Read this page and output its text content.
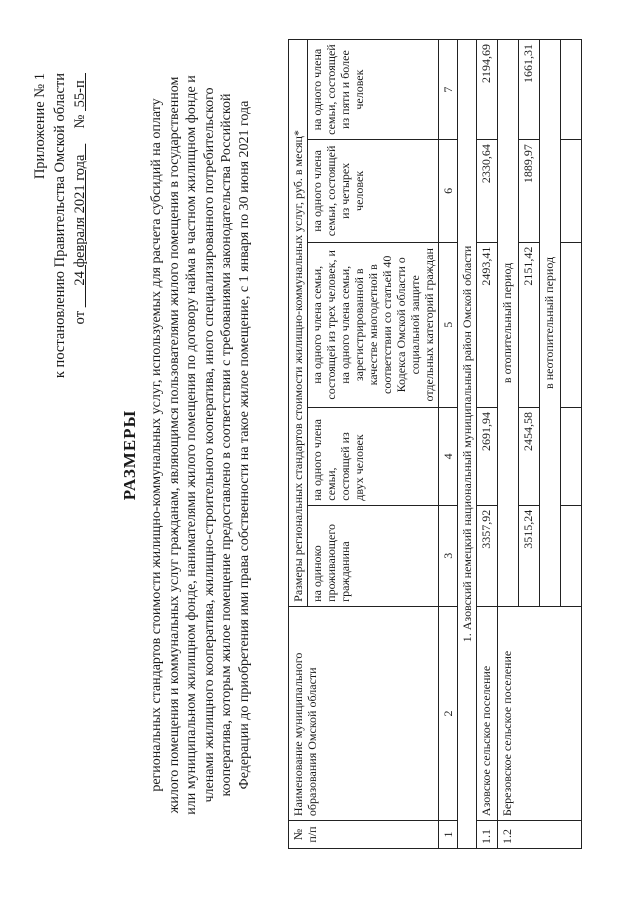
Приложение № 1 к постановлению Правительства Омской области от       24 февраля 2021 года     №  55-п
РАЗМЕРЫ региональных стандартов стоимости жилищно-коммунальных услуг, используемых для расчета субсидий на оплату жилого помещения и коммунальных услуг гражданам, являющимся пользователями жилого помещения в государственном или муниципальном жилищном фонде, нанимателями жилого помещения по договору найма в частном жилищном фонде и членами жилищного кооператива, жилищно-строительного кооператива, иного специализированного потребительского кооператива, которым жилое помещение предоставлено в соответствии с требованиями законодательства Российской Федерации до приобретения ими права собственности на такое жилое помещение, с 1 января по 30 июня 2021 года
№ п/п	Наименование муниципального образования Омской области	Размеры региональных стандартов стоимости жилищно-коммунальных услуг, руб. в месяц*				
		на одиноко проживающего гражданина	на одного члена семьи, состоящей из двух человек	на одного члена семьи, состоящей из трех человек, и на одного члена семьи, зарегистрированной в качестве многодетной в соответствии со статьей 40 Кодекса Омской области о социальной защите отдельных категорий граждан	на одного члена семьи, состоящей из четырех человек	на одного члена семьи, состоящей из пяти и более человек
1	2	3	4	5	6	7
1. Азовский немецкий национальный муниципальный район Омской области						
1.1	Азовское сельское поселение	3357,92	2691,94	2493,41	2330,64	2194,69
1.2	Березовское сельское поселение	в отопительный период				
		3515,24	2454,58	2151,42	1889,97	1661,31
		в неотопительный период				
